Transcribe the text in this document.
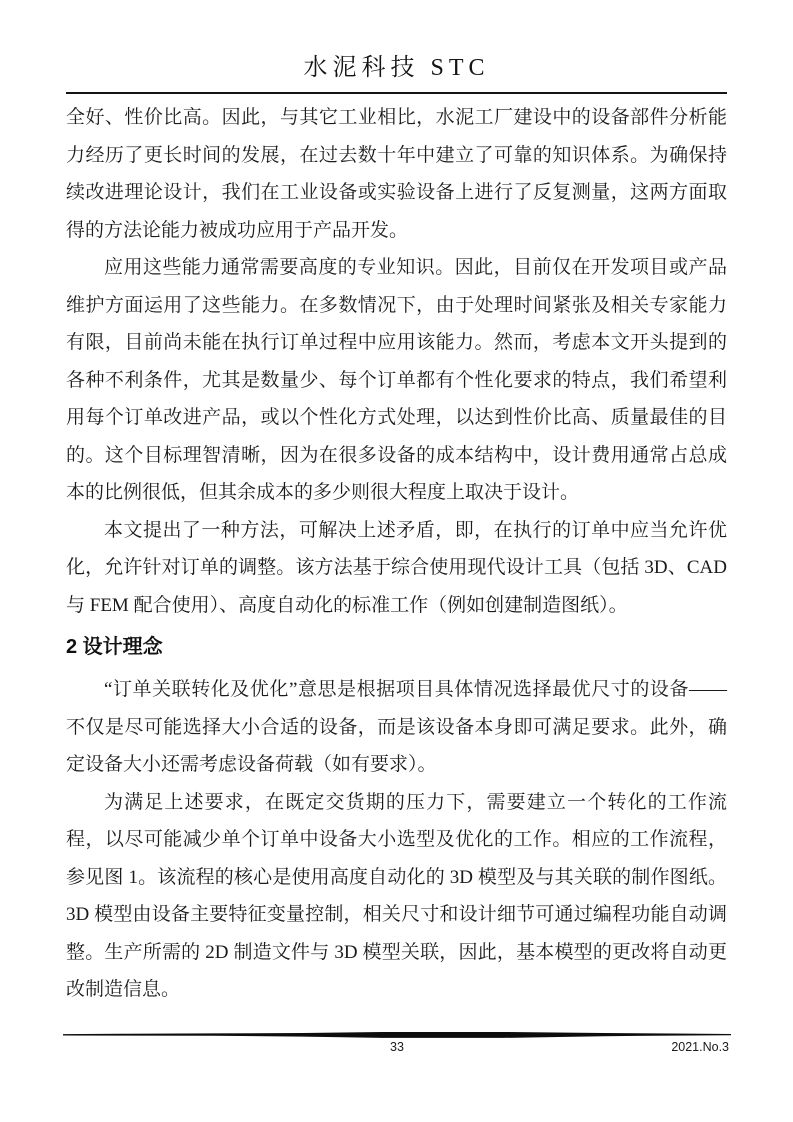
水泥科技 STC

全好、性价比高。因此，与其它工业相比，水泥工厂建设中的设备部件分析能力经历了更长时间的发展，在过去数十年中建立了可靠的知识体系。为确保持续改进理论设计，我们在工业设备或实验设备上进行了反复测量，这两方面取得的方法论能力被成功应用于产品开发。

应用这些能力通常需要高度的专业知识。因此，目前仅在开发项目或产品维护方面运用了这些能力。在多数情况下，由于处理时间紧张及相关专家能力有限，目前尚未能在执行订单过程中应用该能力。然而，考虑本文开头提到的各种不利条件，尤其是数量少、每个订单都有个性化要求的特点，我们希望利用每个订单改进产品，或以个性化方式处理，以达到性价比高、质量最佳的目的。这个目标理智清晰，因为在很多设备的成本结构中，设计费用通常占总成本的比例很低，但其余成本的多少则很大程度上取决于设计。

本文提出了一种方法，可解决上述矛盾，即，在执行的订单中应当允许优化，允许针对订单的调整。该方法基于综合使用现代设计工具（包括 3D、CAD 与 FEM 配合使用）、高度自动化的标准工作（例如创建制造图纸）。

2 设计理念

“订单关联转化及优化”意思是根据项目具体情况选择最优尺寸的设备——不仅是尽可能选择大小合适的设备，而是该设备本身即可满足要求。此外，确定设备大小还需考虑设备荷载（如有要求）。

为满足上述要求，在既定交货期的压力下，需要建立一个转化的工作流程，以尽可能减少单个订单中设备大小选型及优化的工作。相应的工作流程，参见图 1。该流程的核心是使用高度自动化的 3D 模型及与其关联的制作图纸。3D 模型由设备主要特征变量控制，相关尺寸和设计细节可通过编程功能自动调整。生产所需的 2D 制造文件与 3D 模型关联，因此，基本模型的更改将自动更改制造信息。

33	2021.No.3
